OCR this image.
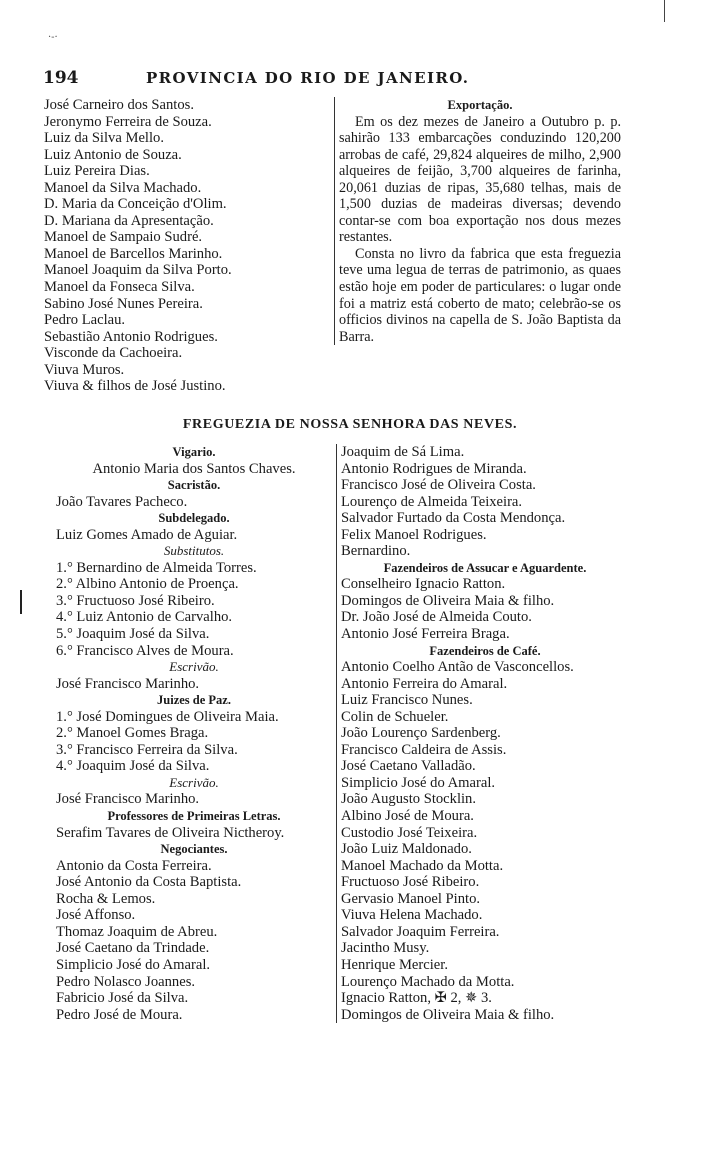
·-·
194	PROVINCIA DO RIO DE JANEIRO.
José Carneiro dos Santos.
Jeronymo Ferreira de Souza.
Luiz da Silva Mello.
Luiz Antonio de Souza.
Luiz Pereira Dias.
Manoel da Silva Machado.
D. Maria da Conceição d'Olim.
D. Mariana da Apresentação.
Manoel de Sampaio Sudré.
Manoel de Barcellos Marinho.
Manoel Joaquim da Silva Porto.
Manoel da Fonseca Silva.
Sabino José Nunes Pereira.
Pedro Laclau.
Sebastião Antonio Rodrigues.
Visconde da Cachoeira.
Viuva Muros.
Viuva & filhos de José Justino.
Exportação.

Em os dez mezes de Janeiro a Outubro p. p. sahirão 133 embarcações conduzindo 120,200 arrobas de café, 29,824 alqueires de milho, 2,900 alqueires de feijão, 3,700 alqueires de farinha, 20,061 duzias de ripas, 35,680 telhas, mais de 1,500 duzias de madeiras diversas; devendo contar-se com boa exportação nos dous mezes restantes.

Consta no livro da fabrica que esta freguezia teve uma legua de terras de patrimonio, as quaes estão hoje em poder de particulares: o lugar onde foi a matriz está coberto de mato; celebrão-se os officios divinos na capella de S. João Baptista da Barra.

FREGUEZIA DE NOSSA SENHORA DAS NEVES.
Vigario.
Antonio Maria dos Santos Chaves.
Sacristão.
João Tavares Pacheco.
Subdelegado.
Luiz Gomes Amado de Aguiar.
Substitutos.
1.° Bernardino de Almeida Torres.
2.° Albino Antonio de Proença.
3.° Fructuoso José Ribeiro.
4.° Luiz Antonio de Carvalho.
5.° Joaquim José da Silva.
6.° Francisco Alves de Moura.
Escrivão.
José Francisco Marinho.
Juizes de Paz.
1.° José Domingues de Oliveira Maia.
2.° Manoel Gomes Braga.
3.° Francisco Ferreira da Silva.
4.° Joaquim José da Silva.
Escrivão.
José Francisco Marinho.
Professores de Primeiras Letras.
Serafim Tavares de Oliveira Nictheroy.
Negociantes.
Antonio da Costa Ferreira.
José Antonio da Costa Baptista.
Rocha & Lemos.
José Affonso.
Thomaz Joaquim de Abreu.
José Caetano da Trindade.
Simplicio José do Amaral.
Pedro Nolasco Joannes.
Fabricio José da Silva.
Pedro José de Moura.
Joaquim de Sá Lima.
Antonio Rodrigues de Miranda.
Francisco José de Oliveira Costa.
Lourenço de Almeida Teixeira.
Salvador Furtado da Costa Mendonça.
Felix Manoel Rodrigues.
Bernardino.
Fazendeiros de Assucar e Aguardente.
Conselheiro Ignacio Ratton.
Domingos de Oliveira Maia & filho.
Dr. João José de Almeida Couto.
Antonio José Ferreira Braga.
Fazendeiros de Café.
Antonio Coelho Antão de Vasconcellos.
Antonio Ferreira do Amaral.
Luiz Francisco Nunes.
Colin de Schueler.
João Lourenço Sardenberg.
Francisco Caldeira de Assis.
José Caetano Valladão.
Simplicio José do Amaral.
João Augusto Stocklin.
Albino José de Moura.
Custodio José Teixeira.
João Luiz Maldonado.
Manoel Machado da Motta.
Fructuoso José Ribeiro.
Gervasio Manoel Pinto.
Viuva Helena Machado.
Salvador Joaquim Ferreira.
Jacintho Musy.
Henrique Mercier.
Lourenço Machado da Motta.
Ignacio Ratton, ✠ 2, ✵ 3.
Domingos de Oliveira Maia & filho.
